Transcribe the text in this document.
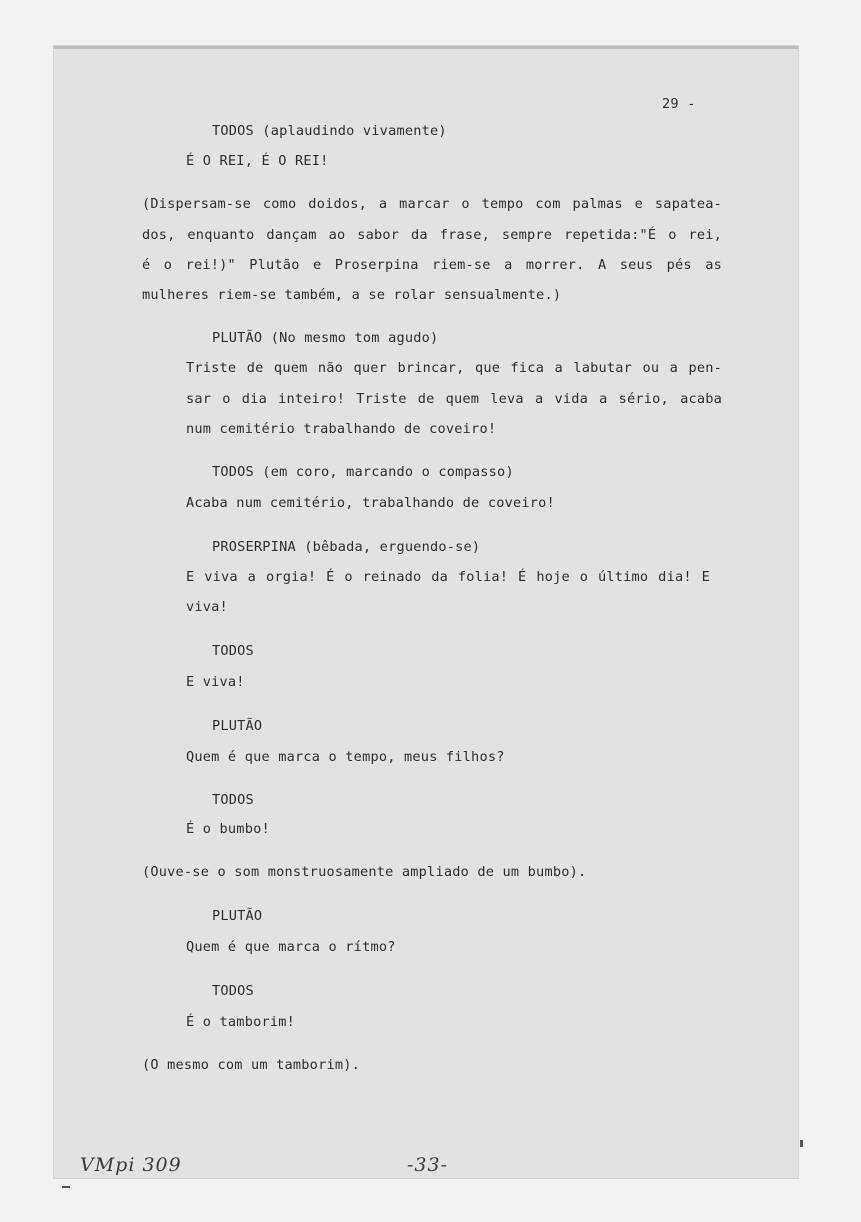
29 -
TODOS (aplaudindo vivamente)
É O REI, É O REI!
(Dispersam-se como doidos, a marcar o tempo com palmas e sapatea-
dos, enquanto dançam ao sabor da frase, sempre repetida:"É o rei,
é o rei!)" Plutão e Proserpina riem-se a morrer. A seus pés as
mulheres riem-se também, a se rolar sensualmente.)
PLUTÃO (No mesmo tom agudo)
Triste de quem não quer brincar, que fica a labutar ou a pen-
sar o dia inteiro! Triste de quem leva a vida a sério, acaba
num cemitério trabalhando de coveiro!
TODOS (em coro, marcando o compasso)
Acaba num cemitério, trabalhando de coveiro!
PROSERPINA (bêbada, erguendo-se)
E viva a orgia! É o reinado da folia! É hoje o último dia! E
viva!
TODOS
E viva!
PLUTÃO
Quem é que marca o tempo, meus filhos?
TODOS
É o bumbo!
(Ouve-se o som monstruosamente ampliado de um bumbo).
PLUTÃO
Quem é que marca o rítmo?
TODOS
É o tamborim!
(O mesmo com um tamborim).
VMpi 309	-33-
